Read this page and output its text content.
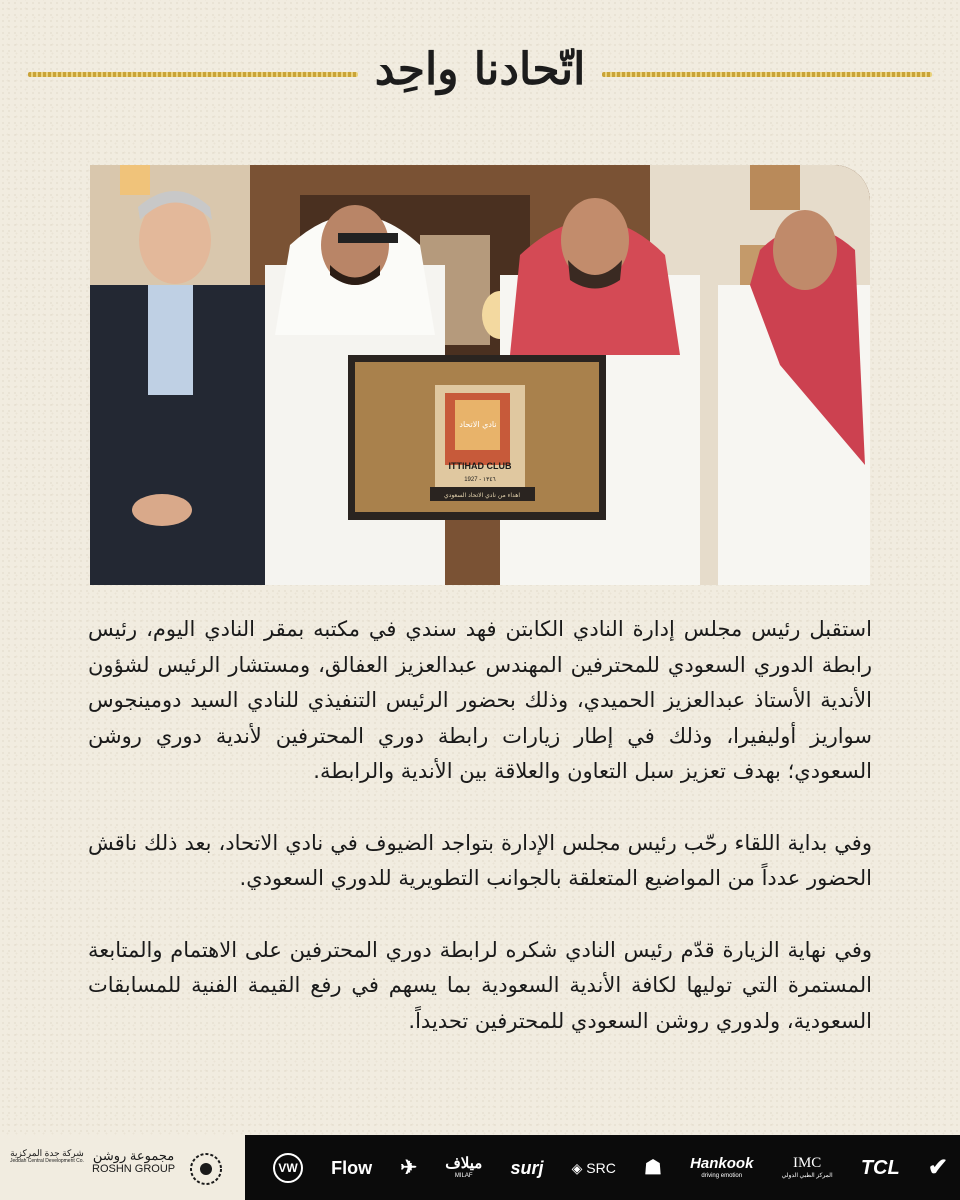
اتّحادنا واحِد
ITTIHAD CLUB
1927 - ١٣٤٦
نادي الاتحاد
اهداء من نادي الاتحاد السعودي

استقبل رئيس مجلس إدارة النادي الكابتن فهد سندي في مكتبه بمقر النادي اليوم، رئيس رابطة الدوري السعودي للمحترفين المهندس عبدالعزيز العفالق، ومستشار الرئيس لشؤون الأندية الأستاذ عبدالعزيز الحميدي، وذلك بحضور الرئيس التنفيذي للنادي السيد دومينجوس سواريز أوليفيرا، وذلك في إطار زيارات رابطة دوري المحترفين لأندية دوري روشن السعودي؛ بهدف تعزيز سبل التعاون والعلاقة بين الأندية والرابطة.

وفي بداية اللقاء رحّب رئيس مجلس الإدارة بتواجد الضيوف في نادي الاتحاد، بعد ذلك ناقش الحضور عدداً من المواضيع المتعلقة بالجوانب التطويرية للدوري السعودي.

وفي نهاية الزيارة قدّم رئيس النادي شكره لرابطة دوري المحترفين على الاهتمام والمتابعة المستمرة التي توليها لكافة الأندية السعودية بما يسهم في رفع القيمة الفنية للمسابقات السعودية، ولدوري روشن السعودي للمحترفين تحديداً.

شركة جدة المركزية
Jeddah Central Development Co. مجموعة روشن
ROSHN GROUP	VW Flow ✈ ميلاف
MILAF surj ◈ SRC ☗ Hankook
driving emotion
IMC
المركز الطبي الدولي TCL ✔
